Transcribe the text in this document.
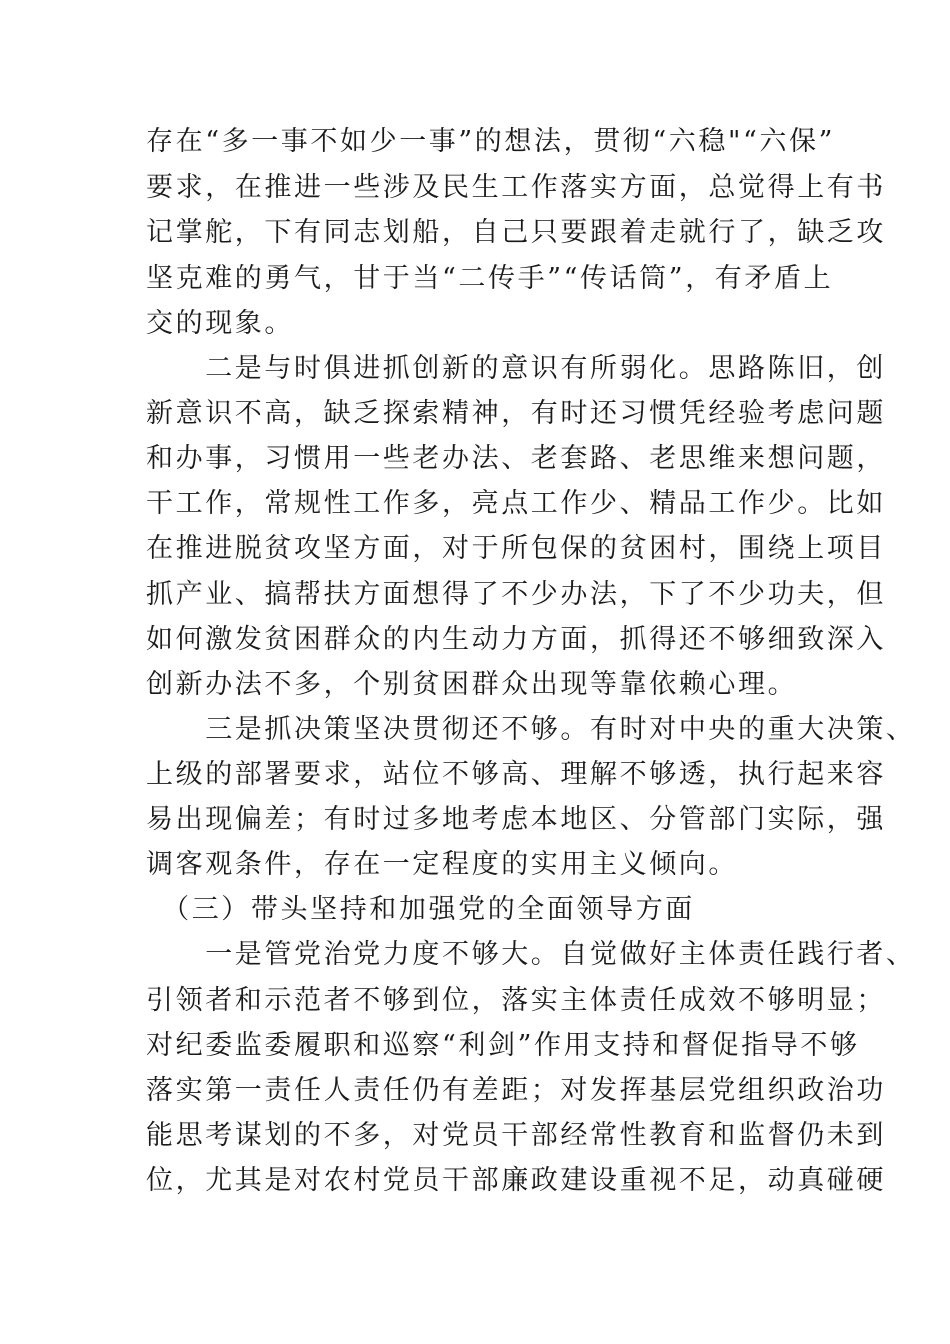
存在“多一事不如少一事”的想法，贯彻“六稳"“六保”
要求，在推进一些涉及民生工作落实方面，总觉得上有书
记掌舵，下有同志划船，自己只要跟着走就行了，缺乏攻
坚克难的勇气，甘于当“二传手”“传话筒”，有矛盾上
交的现象。
　　二是与时俱进抓创新的意识有所弱化。思路陈旧，创
新意识不高，缺乏探索精神，有时还习惯凭经验考虑问题
和办事，习惯用一些老办法、老套路、老思维来想问题，
干工作，常规性工作多，亮点工作少、精品工作少。比如
在推进脱贫攻坚方面，对于所包保的贫困村，围绕上项目
抓产业、搞帮扶方面想得了不少办法，下了不少功夫，但
如何激发贫困群众的内生动力方面，抓得还不够细致深入
创新办法不多，个别贫困群众出现等靠依赖心理。
　　三是抓决策坚决贯彻还不够。有时对中央的重大决策、
上级的部署要求，站位不够高、理解不够透，执行起来容
易出现偏差；有时过多地考虑本地区、分管部门实际，强
调客观条件，存在一定程度的实用主义倾向。
　（三）带头坚持和加强党的全面领导方面
　　一是管党治党力度不够大。自觉做好主体责任践行者、
引领者和示范者不够到位，落实主体责任成效不够明显；
对纪委监委履职和巡察“利剑”作用支持和督促指导不够
落实第一责任人责任仍有差距；对发挥基层党组织政治功
能思考谋划的不多，对党员干部经常性教育和监督仍未到
位，尤其是对农村党员干部廉政建设重视不足，动真碰硬
